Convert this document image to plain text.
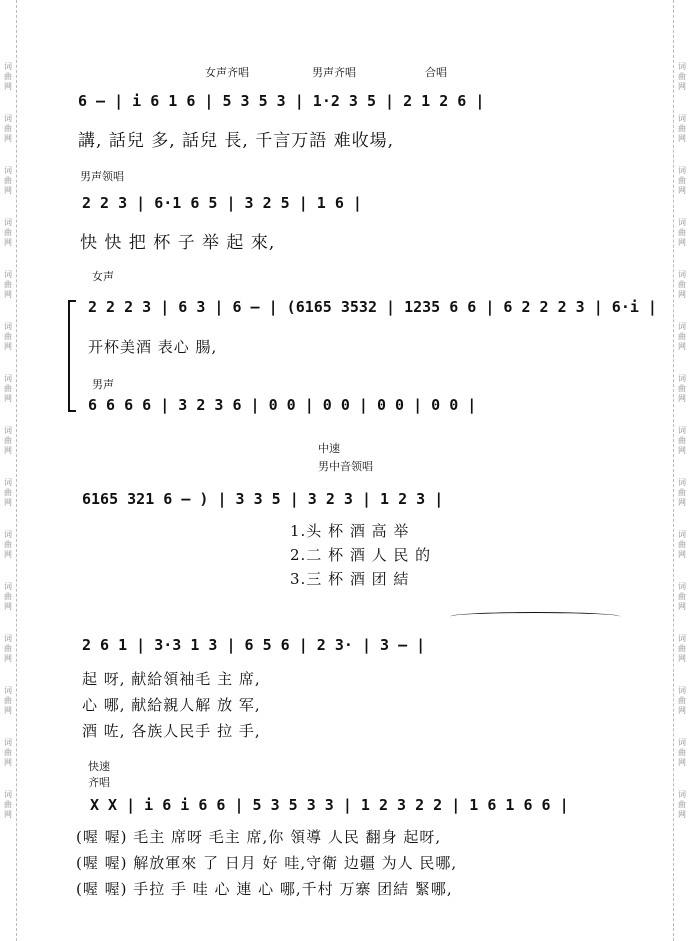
词
曲
网
词
曲
网
词
曲
网
词
曲
网
词
曲
网
词
曲
网
词
曲
网
词
曲
网
词
曲
网
词
曲
网
词
曲
网
词
曲
网
词
曲
网
词
曲
网
词
曲
网
词
曲
网
词
曲
网
词
曲
网
词
曲
网
词
曲
网
词
曲
网
词
曲
网
词
曲
网
词
曲
网
词
曲
网
词
曲
网
词
曲
网
词
曲
网
词
曲
网
词
曲
网
女声齐唱	男声齐唱	合唱
6 – | i 6 1 6 | 5 3 5 3 | 1·2 3 5 | 2 1 2 6 |
講, 話兒 多, 話兒 長, 千言万語 难收場,
男声领唱
2 2 3 | 6·1 6 5 | 3 2 5 | 1 6 |
快 快 把 杯 子 举 起 來,
女声
2 2 2 3 | 6 3 | 6 – | (6165 3532 | 1235 6 6 | 6 2 2 2 3 | 6·i |
开杯美酒 表心 腸,
男声
6 6 6 6 | 3 2 3 6 | 0 0 | 0 0 | 0 0 | 0 0 |
中速
男中音领唱
6165 321 6 – ) | 3 3 5 | 3 2 3 | 1 2 3 |
1.头 杯 酒 高 举
2.二 杯 酒 人 民 的
3.三 杯 酒 团 結
2 6 1 | 3·3 1 3 | 6 5 6 | 2 3· | 3 – |
起 呀, 献給領袖毛 主 席,
心 哪, 献給親人解 放 军,
酒 咗, 各族人民手 拉 手,
快速
齐唱
X X | i 6 i 6 6 | 5 3 5 3 3 | 1 2 3 2 2 | 1 6 1 6 6 |
(喔 喔) 毛主 席呀 毛主 席,你 領導 人民 翻身 起呀,
(喔 喔) 解放軍來 了 日月 好 哇,守衛 边疆 为人 民哪,
(喔 喔) 手拉 手 哇 心 連 心 哪,千村 万寨 团結 緊哪,
